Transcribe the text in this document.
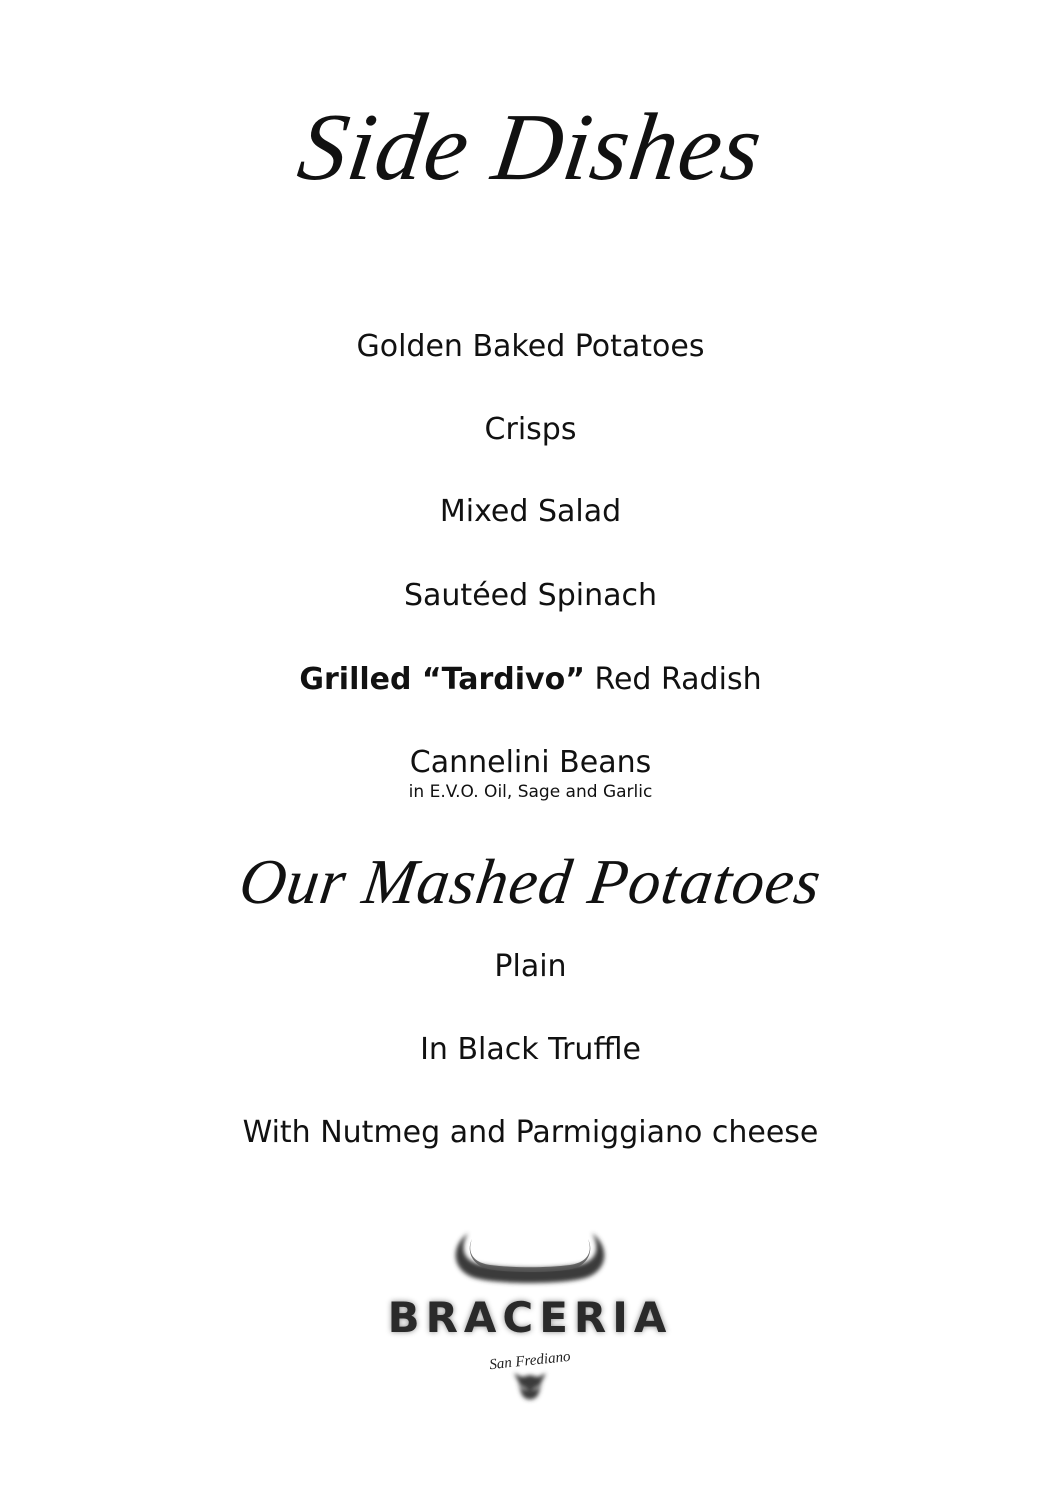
Side Dishes
Golden Baked Potatoes
Crisps
Mixed Salad
Sautéed Spinach
Grilled “Tardivo” Red Radish
Cannelini Beans
in E.V.O. Oil, Sage and Garlic
Our Mashed Potatoes
Plain
In Black Truffle
With Nutmeg and Parmiggiano cheese
BRACERIA
San Frediano
